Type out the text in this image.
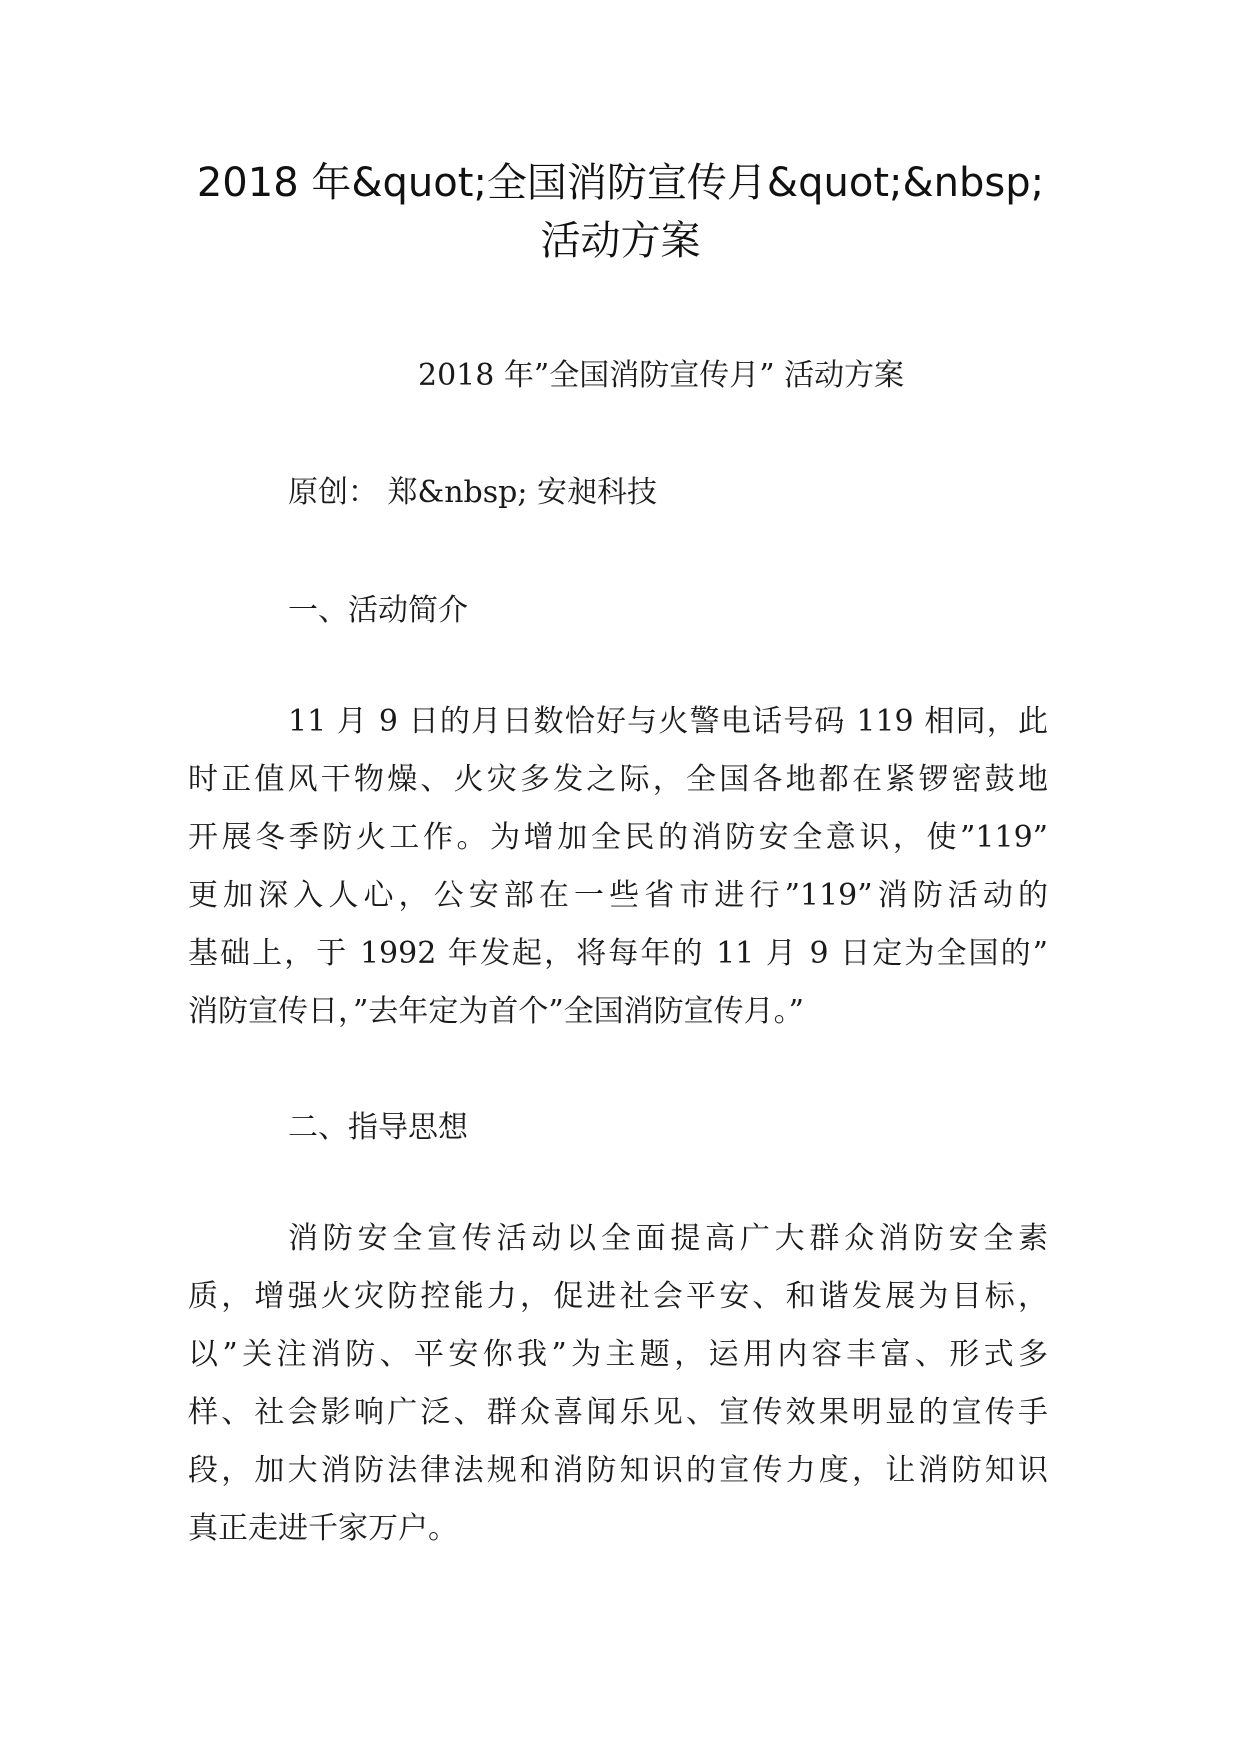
2018 年&quot;全国消防宣传月&quot;&nbsp;
活动方案
2018 年”全国消防宣传月” 活动方案
原创： 郑&nbsp; 安昶科技
一、活动简介
11 月 9 日的月日数恰好与火警电话号码 119 相同，此
时正值风干物燥、火灾多发之际，全国各地都在紧锣密鼓地
开展冬季防火工作。为增加全民的消防安全意识，使”119”
更加深入人心，公安部在一些省市进行”119”消防活动的
基础上，于 1992 年发起，将每年的 11 月 9 日定为全国的”
消防宣传日，”去年定为首个”全国消防宣传月。”
二、指导思想
消防安全宣传活动以全面提高广大群众消防安全素
质，增强火灾防控能力，促进社会平安、和谐发展为目标，
以”关注消防、平安你我”为主题，运用内容丰富、形式多
样、社会影响广泛、群众喜闻乐见、宣传效果明显的宣传手
段，加大消防法律法规和消防知识的宣传力度，让消防知识
真正走进千家万户。
